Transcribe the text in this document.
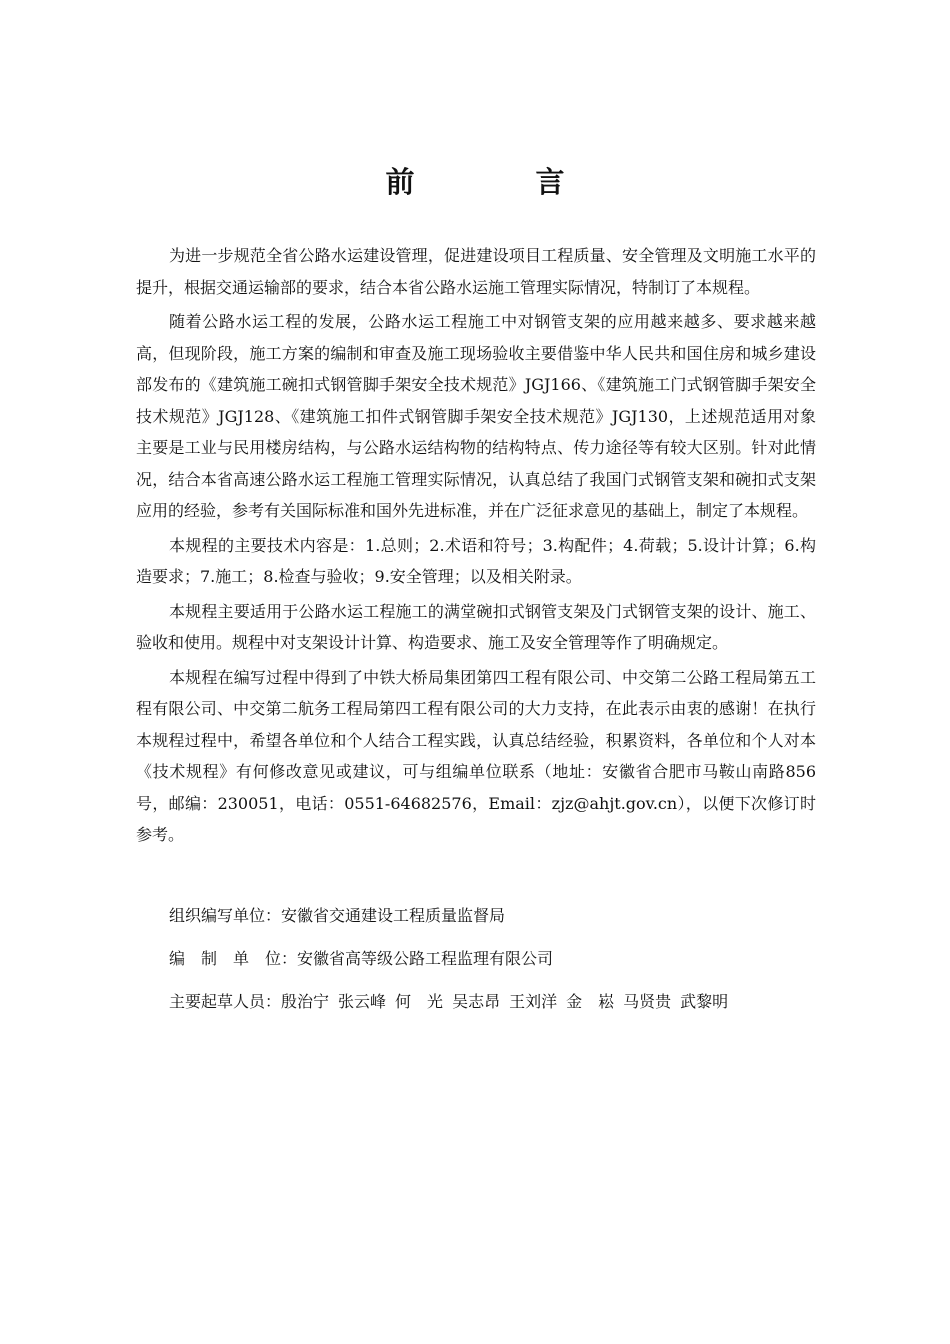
前　言

为进一步规范全省公路水运建设管理，促进建设项目工程质量、安全管理及文明施工水平的提升，根据交通运输部的要求，结合本省公路水运施工管理实际情况，特制订了本规程。

随着公路水运工程的发展，公路水运工程施工中对钢管支架的应用越来越多、要求越来越高，但现阶段，施工方案的编制和审查及施工现场验收主要借鉴中华人民共和国住房和城乡建设部发布的《建筑施工碗扣式钢管脚手架安全技术规范》JGJ166、《建筑施工门式钢管脚手架安全技术规范》JGJ128、《建筑施工扣件式钢管脚手架安全技术规范》JGJ130，上述规范适用对象主要是工业与民用楼房结构，与公路水运结构物的结构特点、传力途径等有较大区别。针对此情况，结合本省高速公路水运工程施工管理实际情况，认真总结了我国门式钢管支架和碗扣式支架应用的经验，参考有关国际标准和国外先进标准，并在广泛征求意见的基础上，制定了本规程。

本规程的主要技术内容是：1.总则；2.术语和符号；3.构配件；4.荷载；5.设计计算；6.构造要求；7.施工；8.检查与验收；9.安全管理；以及相关附录。

本规程主要适用于公路水运工程施工的满堂碗扣式钢管支架及门式钢管支架的设计、施工、验收和使用。规程中对支架设计计算、构造要求、施工及安全管理等作了明确规定。

本规程在编写过程中得到了中铁大桥局集团第四工程有限公司、中交第二公路工程局第五工程有限公司、中交第二航务工程局第四工程有限公司的大力支持，在此表示由衷的感谢！在执行本规程过程中，希望各单位和个人结合工程实践，认真总结经验，积累资料，各单位和个人对本《技术规程》有何修改意见或建议，可与组编单位联系（地址：安徽省合肥市马鞍山南路856号，邮编：230051，电话：0551-64682576，Email：zjz@ahjt.gov.cn），以便下次修订时参考。

组织编写单位：安徽省交通建设工程质量监督局
编　制　单　位：安徽省高等级公路工程监理有限公司
主要起草人员：殷治宁 张云峰 何　光 吴志昂 王刘洋 金　崧 马贤贵 武黎明
